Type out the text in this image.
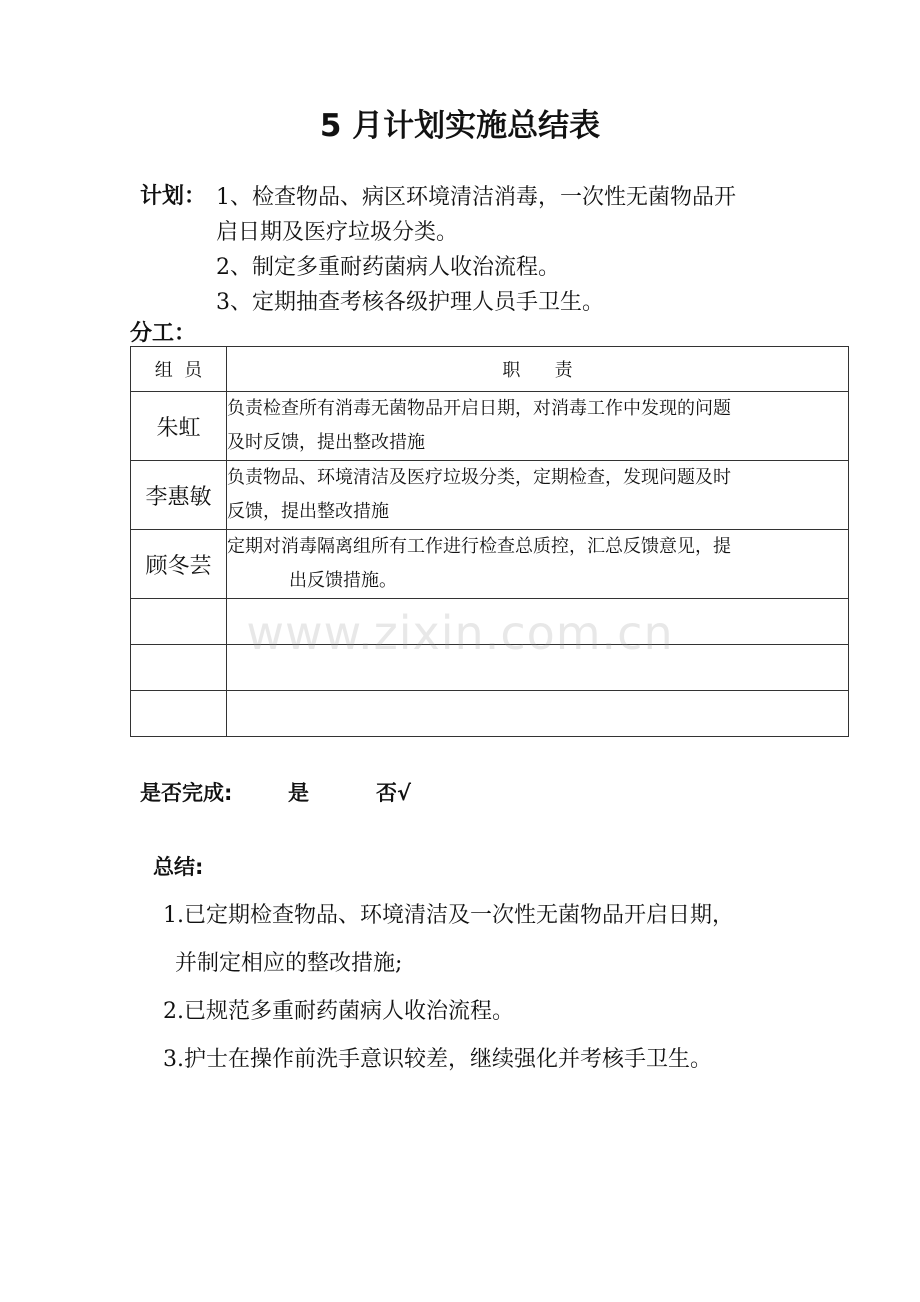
5 月计划实施总结表
计划： 1、检查物品、病区环境清洁消毒，一次性无菌物品开
启日期及医疗垃圾分类。
2、制定多重耐药菌病人收治流程。
3、定期抽查考核各级护理人员手卫生。
分工：
组  员	职      责
朱虹	负责检查所有消毒无菌物品开启日期，对消毒工作中发现的问题
及时反馈，提出整改措施

李惠敏	负责物品、环境清洁及医疗垃圾分类，定期检查，发现问题及时
反馈，提出整改措施

顾冬芸	定期对消毒隔离组所有工作进行检查总质控，汇总反馈意见，提
出反馈措施。

www.zixin.com.cn
是否完成:	是	否√
总结:
1.已定期检查物品、环境清洁及一次性无菌物品开启日期，
并制定相应的整改措施;
2.已规范多重耐药菌病人收治流程。
3.护士在操作前洗手意识较差，继续强化并考核手卫生。
